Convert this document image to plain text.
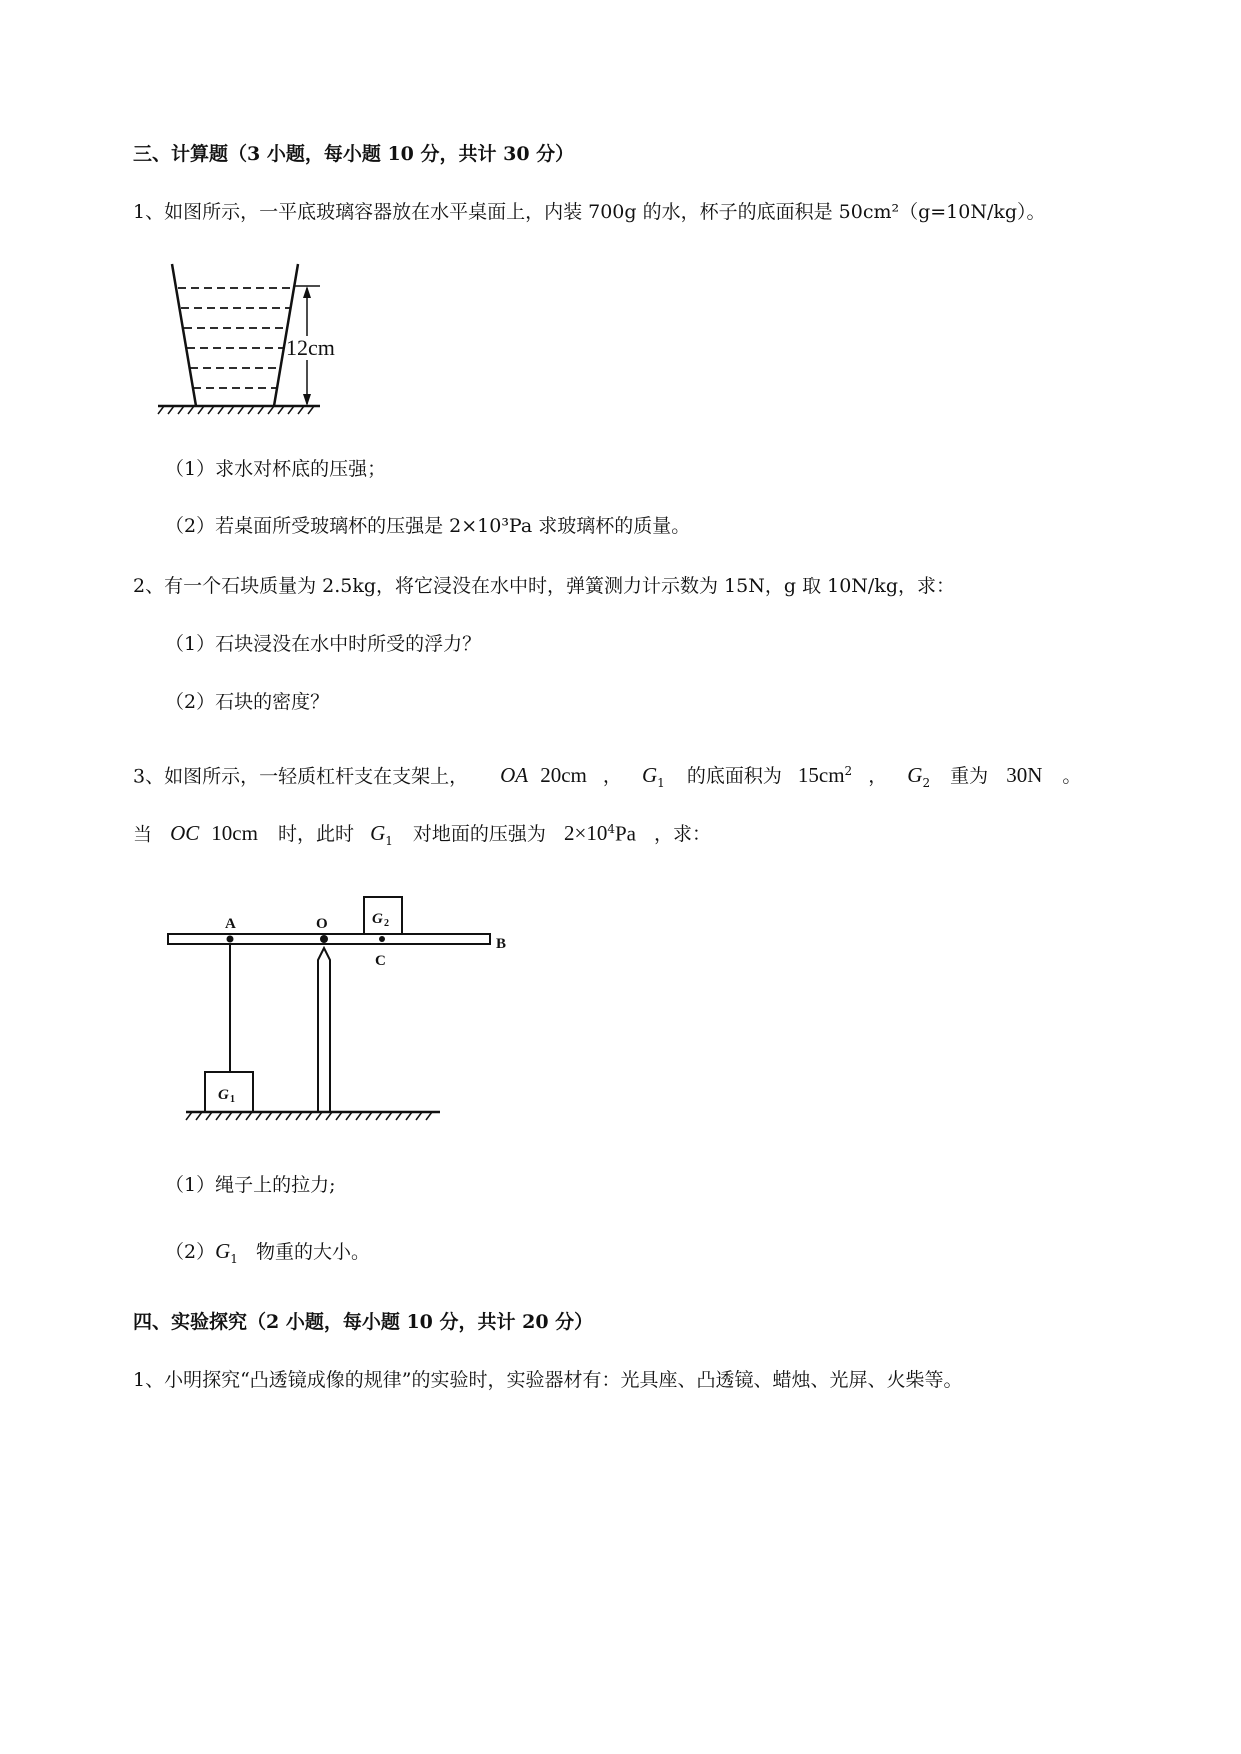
三、计算题（3 小题，每小题 10 分，共计 30 分）
1、如图所示，一平底玻璃容器放在水平桌面上，内装 700g 的水，杯子的底面积是 50cm²（g=10N/kg）。
12cm
（1）求水对杯底的压强；
（2）若桌面所受玻璃杯的压强是 2×10³Pa 求玻璃杯的质量。
2、有一个石块质量为 2.5kg，将它浸没在水中时，弹簧测力计示数为 15N，g 取 10N/kg，求：
（1）石块浸没在水中时所受的浮力？
（2）石块的密度？
3、如图所示，一轻质杠杆支在支架上， OA 20cm ， $G_1$ 的底面积为 $15cm^2$ ， $G_2$ 重为 30N 。
当 OC 10cm 时，此时 $G_1$ 对地面的压强为 $2\times 10^4Pa$ ，求：
G 2
A
G 1
O
C
B
（1）绳子上的拉力;
$(2)G_1$ 物重的大小。
四、实验探究（2 小题，每小题 10 分，共计 20 分）
1、小明探究“凸透镜成像的规律”的实验时，实验器材有：光具座、凸透镜、蜡烛、光屏、火柴等。
